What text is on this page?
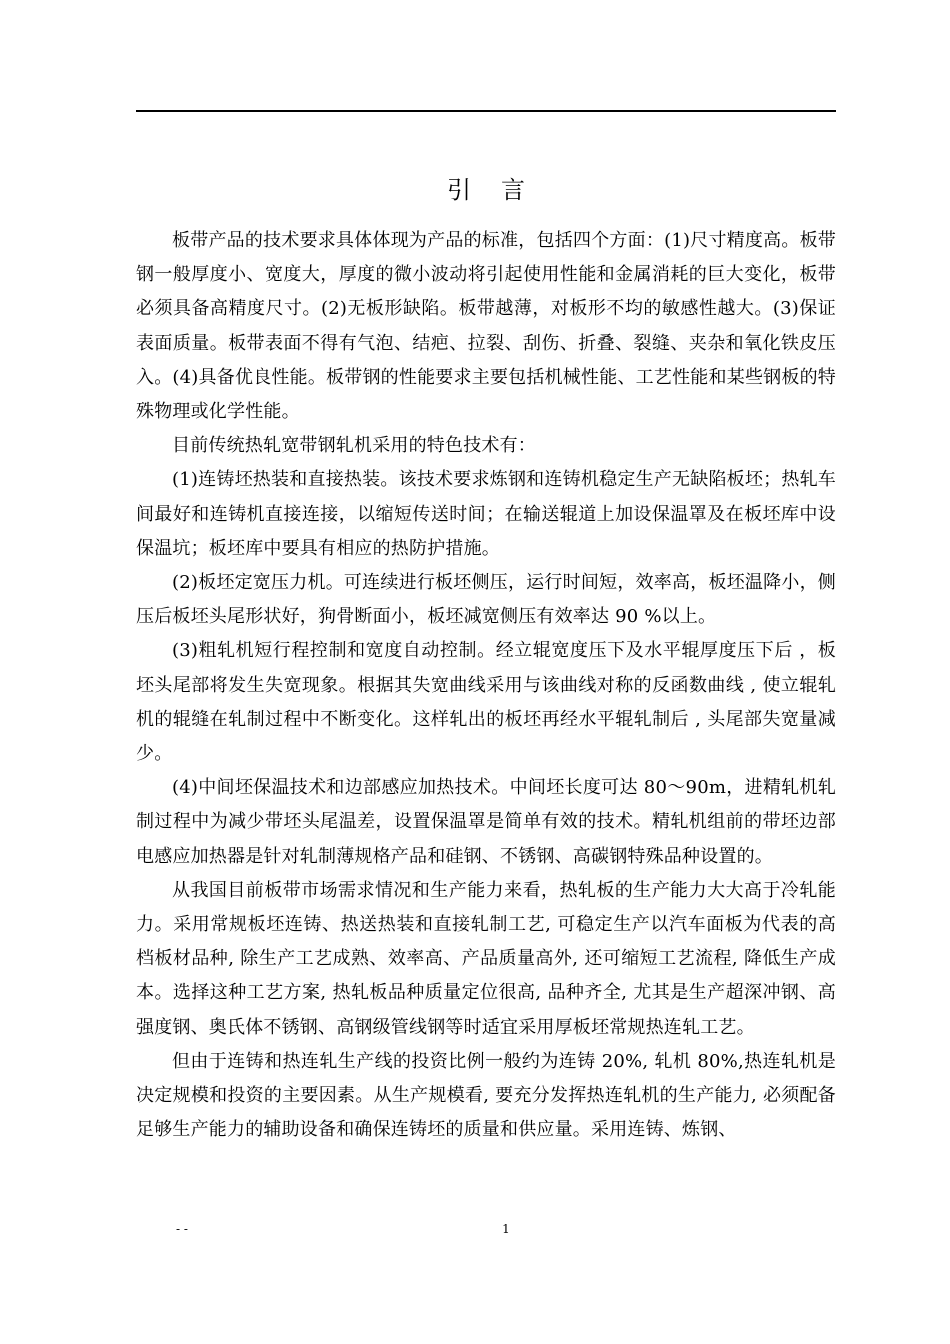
引言

板带产品的技术要求具体体现为产品的标准，包括四个方面：(1)尺寸精度高。板带钢一般厚度小、宽度大，厚度的微小波动将引起使用性能和金属消耗的巨大变化，板带必须具备高精度尺寸。(2)无板形缺陷。板带越薄，对板形不均的敏感性越大。(3)保证表面质量。板带表面不得有气泡、结疤、拉裂、刮伤、折叠、裂缝、夹杂和氧化铁皮压入。(4)具备优良性能。板带钢的性能要求主要包括机械性能、工艺性能和某些钢板的特殊物理或化学性能。

目前传统热轧宽带钢轧机采用的特色技术有：

(1)连铸坯热装和直接热装。该技术要求炼钢和连铸机稳定生产无缺陷板坯；热轧车间最好和连铸机直接连接，以缩短传送时间；在输送辊道上加设保温罩及在板坯库中设保温坑；板坯库中要具有相应的热防护措施。

(2)板坯定宽压力机。可连续进行板坯侧压，运行时间短，效率高，板坯温降小，侧压后板坯头尾形状好，狗骨断面小，板坯减宽侧压有效率达 90 %以上。

(3)粗轧机短行程控制和宽度自动控制。经立辊宽度压下及水平辊厚度压下后 ，板坯头尾部将发生失宽现象。根据其失宽曲线采用与该曲线对称的反函数曲线 , 使立辊轧机的辊缝在轧制过程中不断变化。这样轧出的板坯再经水平辊轧制后 , 头尾部失宽量减少。

(4)中间坯保温技术和边部感应加热技术。中间坯长度可达 80～90m，进精轧机轧制过程中为减少带坯头尾温差，设置保温罩是简单有效的技术。精轧机组前的带坯边部电感应加热器是针对轧制薄规格产品和硅钢、不锈钢、高碳钢特殊品种设置的。

从我国目前板带市场需求情况和生产能力来看，热轧板的生产能力大大高于冷轧能力。采用常规板坯连铸、热送热装和直接轧制工艺, 可稳定生产以汽车面板为代表的高档板材品种, 除生产工艺成熟、效率高、产品质量高外, 还可缩短工艺流程, 降低生产成本。选择这种工艺方案, 热轧板品种质量定位很高, 品种齐全, 尤其是生产超深冲钢、高强度钢、奥氏体不锈钢、高钢级管线钢等时适宜采用厚板坯常规热连轧工艺。

但由于连铸和热连轧生产线的投资比例一般约为连铸 20%, 轧机 80%,热连轧机是决定规模和投资的主要因素。从生产规模看, 要充分发挥热连轧机的生产能力, 必须配备足够生产能力的辅助设备和确保连铸坯的质量和供应量。采用连铸、炼钢、

- -	1
